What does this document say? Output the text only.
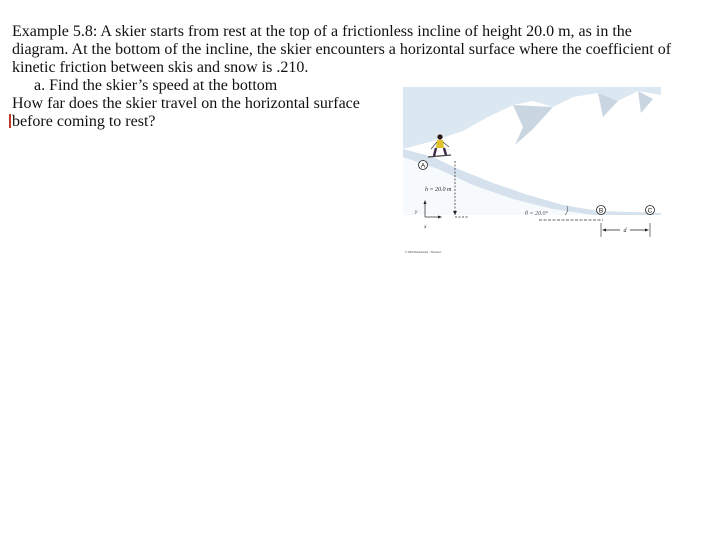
Example 5.8: A skier starts from rest at the top of a frictionless incline of height 20.0 m, as in the

diagram. At the bottom of the incline, the skier encounters a horizontal surface where the coefficient of

kinetic friction between skis and snow is .210.

a. Find the skier’s speed at the bottom

How far does the skier travel on the horizontal surface

before coming to rest?

A
h = 20.0 m
y
x
θ = 20.0°	B	C
d
© 2004 Brooks/Cole - Thomson
